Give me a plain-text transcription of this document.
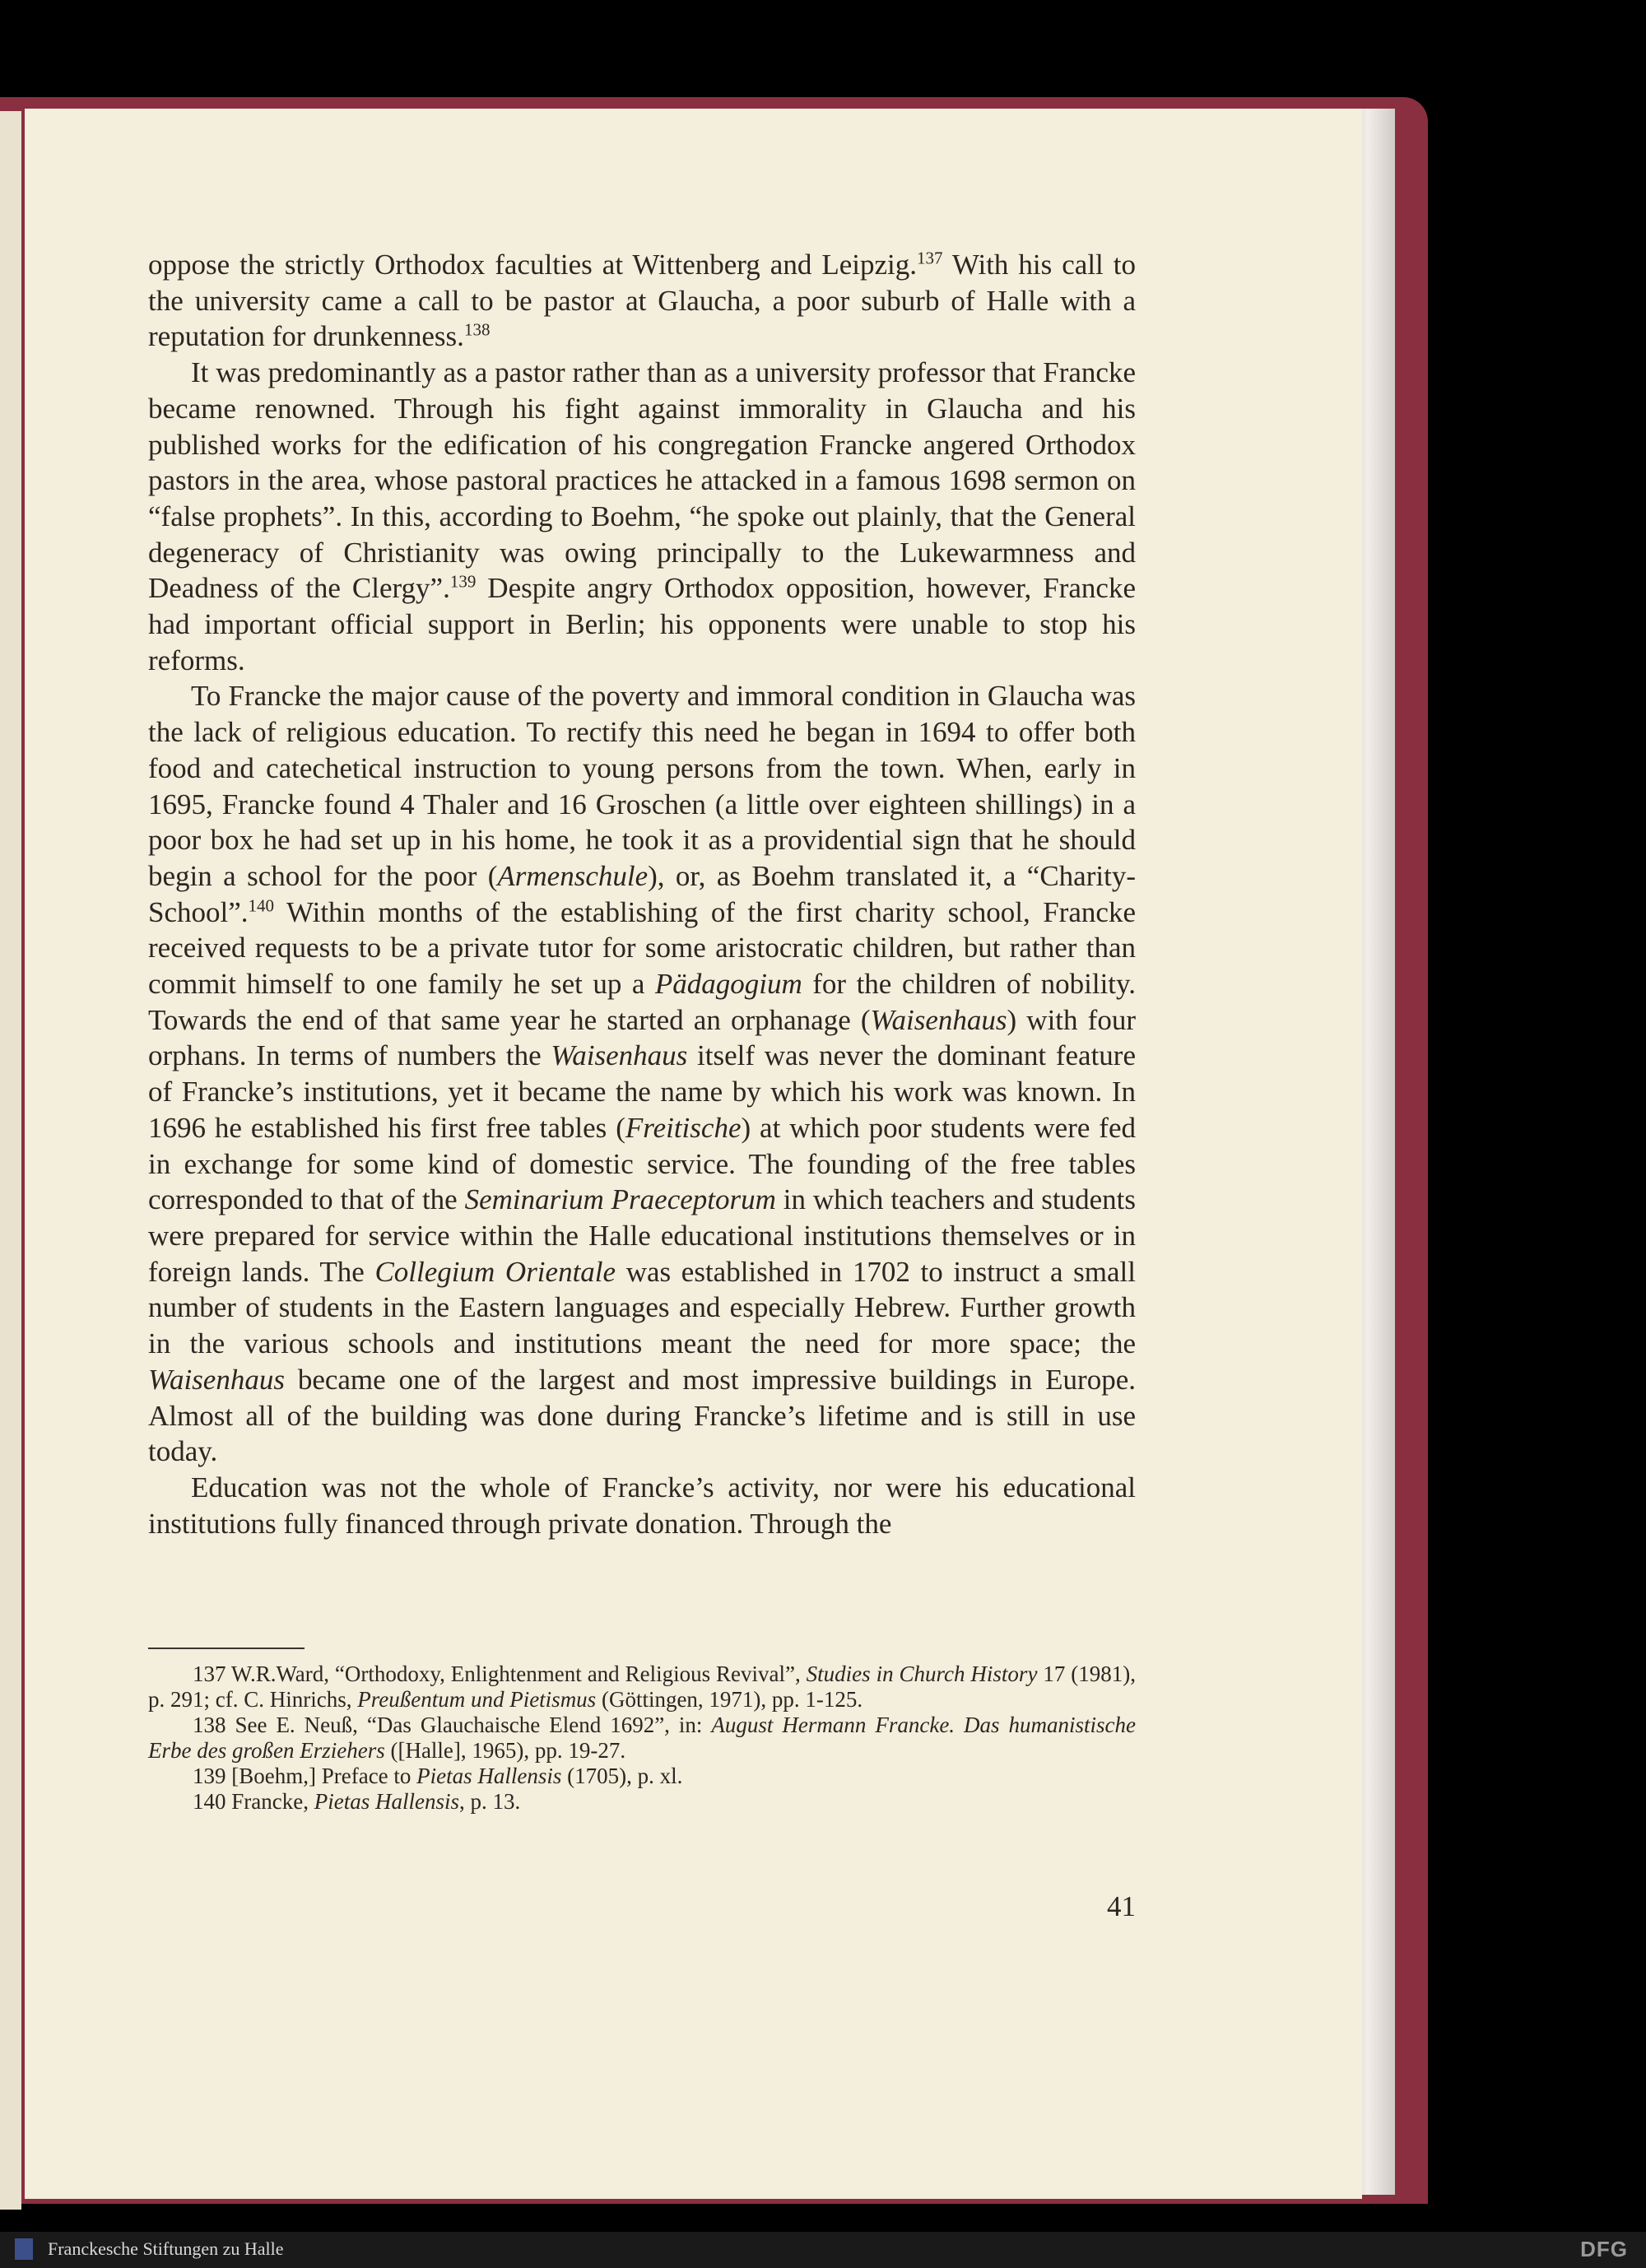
oppose the strictly Orthodox faculties at Wittenberg and Leipzig.$^{137}$ With his call to the university came a call to be pastor at Glaucha, a poor suburb of Halle with a reputation for drunkenness.$^{138}$

It was predominantly as a pastor rather than as a university professor that Francke became renowned. Through his fight against immorality in Glaucha and his published works for the edification of his congregation Francke angered Orthodox pastors in the area, whose pastoral practices he attacked in a famous 1698 sermon on “false prophets”. In this, according to Boehm, “he spoke out plainly, that the General degeneracy of Christianity was owing principally to the Lukewarmness and Deadness of the Clergy”.$^{139}$ Despite angry Orthodox opposition, however, Francke had important official support in Berlin; his opponents were unable to stop his reforms.

To Francke the major cause of the poverty and immoral condition in Glaucha was the lack of religious education. To rectify this need he began in 1694 to offer both food and catechetical instruction to young persons from the town. When, early in 1695, Francke found 4 Thaler and 16 Groschen (a little over eighteen shillings) in a poor box he had set up in his home, he took it as a providential sign that he should begin a school for the poor (Armenschule), or, as Boehm translated it, a “Charity-School”.$^{140}$ Within months of the establishing of the first charity school, Francke received requests to be a private tutor for some aristocratic children, but rather than commit himself to one family he set up a Pädagogium for the children of nobility. Towards the end of that same year he started an orphanage (Waisenhaus) with four orphans. In terms of numbers the Waisenhaus itself was never the dominant feature of Francke’s institutions, yet it became the name by which his work was known. In 1696 he established his first free tables (Freitische) at which poor students were fed in exchange for some kind of domestic service. The founding of the free tables corresponded to that of the Seminarium Praeceptorum in which teachers and students were prepared for service within the Halle educational institutions themselves or in foreign lands. The Collegium Orientale was established in 1702 to instruct a small number of students in the Eastern languages and especially Hebrew. Further growth in the various schools and institutions meant the need for more space; the Waisenhaus became one of the largest and most impressive buildings in Europe. Almost all of the building was done during Francke’s lifetime and is still in use today.

Education was not the whole of Francke’s activity, nor were his educational institutions fully financed through private donation. Through the

137 W.R.Ward, “Orthodoxy, Enlightenment and Religious Revival”, Studies in Church History 17 (1981), p. 291; cf. C. Hinrichs, Preußentum und Pietismus (Göttingen, 1971), pp. 1-125.

138 See E. Neuß, “Das Glauchaische Elend 1692”, in: August Hermann Francke. Das humanistische Erbe des großen Erziehers ([Halle], 1965), pp. 19-27.

139 [Boehm,] Preface to Pietas Hallensis (1705), p. xl.

140 Francke, Pietas Hallensis, p. 13.

41
Franckesche Stiftungen zu Halle	DFG
